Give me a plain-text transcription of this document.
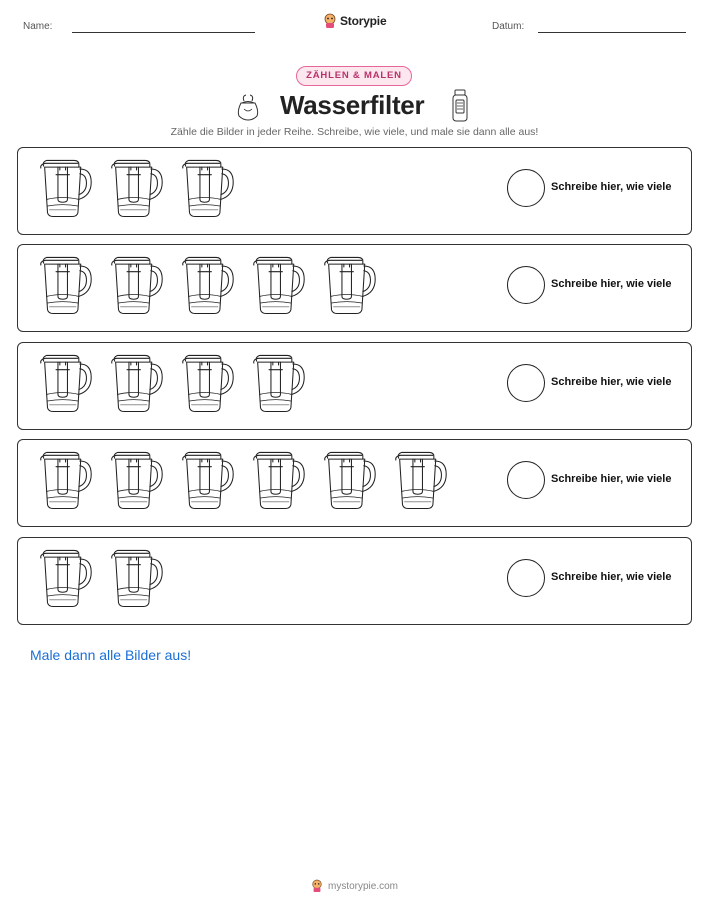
Name:	Storypie	Datum:
ZÄHLEN & MALEN
Wasserfilter
Zähle die Bilder in jeder Reihe. Schreibe, wie viele, und male sie dann alle aus!
Schreibe hier, wie viele
Schreibe hier, wie viele
Schreibe hier, wie viele
Schreibe hier, wie viele
Schreibe hier, wie viele
Male dann alle Bilder aus!
mystorypie.com
